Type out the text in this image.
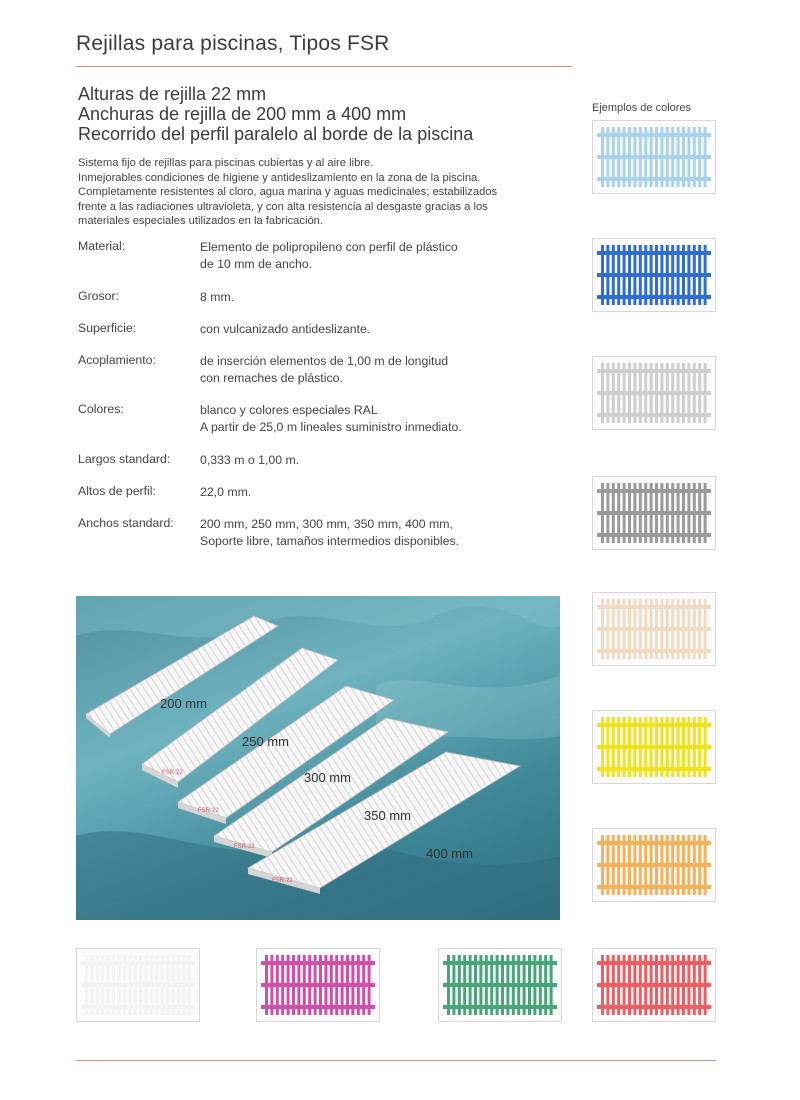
Rejillas para piscinas, Tipos FSR
Alturas de rejilla 22 mm
Anchuras de rejilla de 200 mm a 400 mm
Recorrido del perfil paralelo al borde de la piscina
Sistema fijo de rejillas para piscinas cubiertas y al aire libre.
Inmejorables condiciones de higiene y antideslizamiento en la zona de la piscina.
Completamente resistentes al cloro, agua marina y aguas medicinales; estabilizados
frente a las radiaciones ultravioleta, y con alta resistencia al desgaste gracias a los
materiales especiales utilizados en la fabricación.
Material:	Elemento de polipropileno con perfil de plástico
de 10 mm de ancho.
Grosor:	8 mm.
Superficie:	con vulcanizado antideslizante.
Acoplamiento:	de inserción elementos de 1,00 m de longitud
con remaches de plástico.
Colores:	blanco y colores especiales RAL
A partir de 25,0 m lineales suministro inmediato.
Largos standard:	0,333 m o 1,00 m.
Altos de perfil:	22,0 mm.
Anchos standard:	200 mm, 250 mm, 300 mm, 350 mm, 400 mm,
Soporte libre, tamaños intermedios disponibles.
FSR-22
FSR-22
FSR-22
FSR-22
200 mm
250 mm
300 mm
350 mm
400 mm
Ejemplos de colores
